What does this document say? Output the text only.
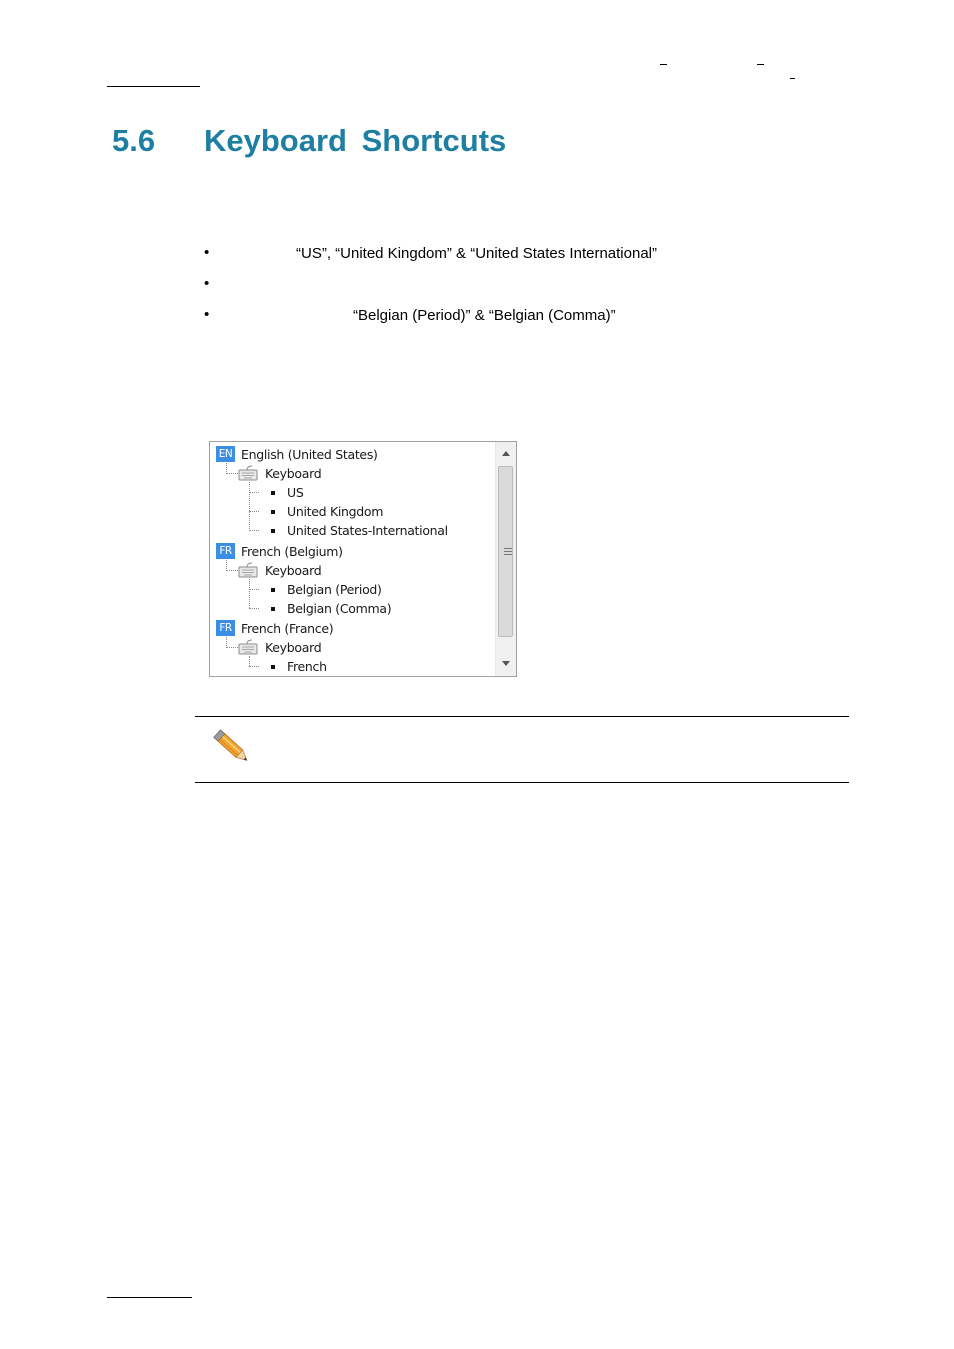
5.6 Keyboard Shortcuts
•	“US”, “United Kingdom” & “United States International”
•
•	“Belgian (Period)” & “Belgian (Comma)”
EN English (United States)
Keyboard
US
United Kingdom
United States-International
FR French (Belgium)
Keyboard
Belgian (Period)
Belgian (Comma)
FR French (France)
Keyboard
French
